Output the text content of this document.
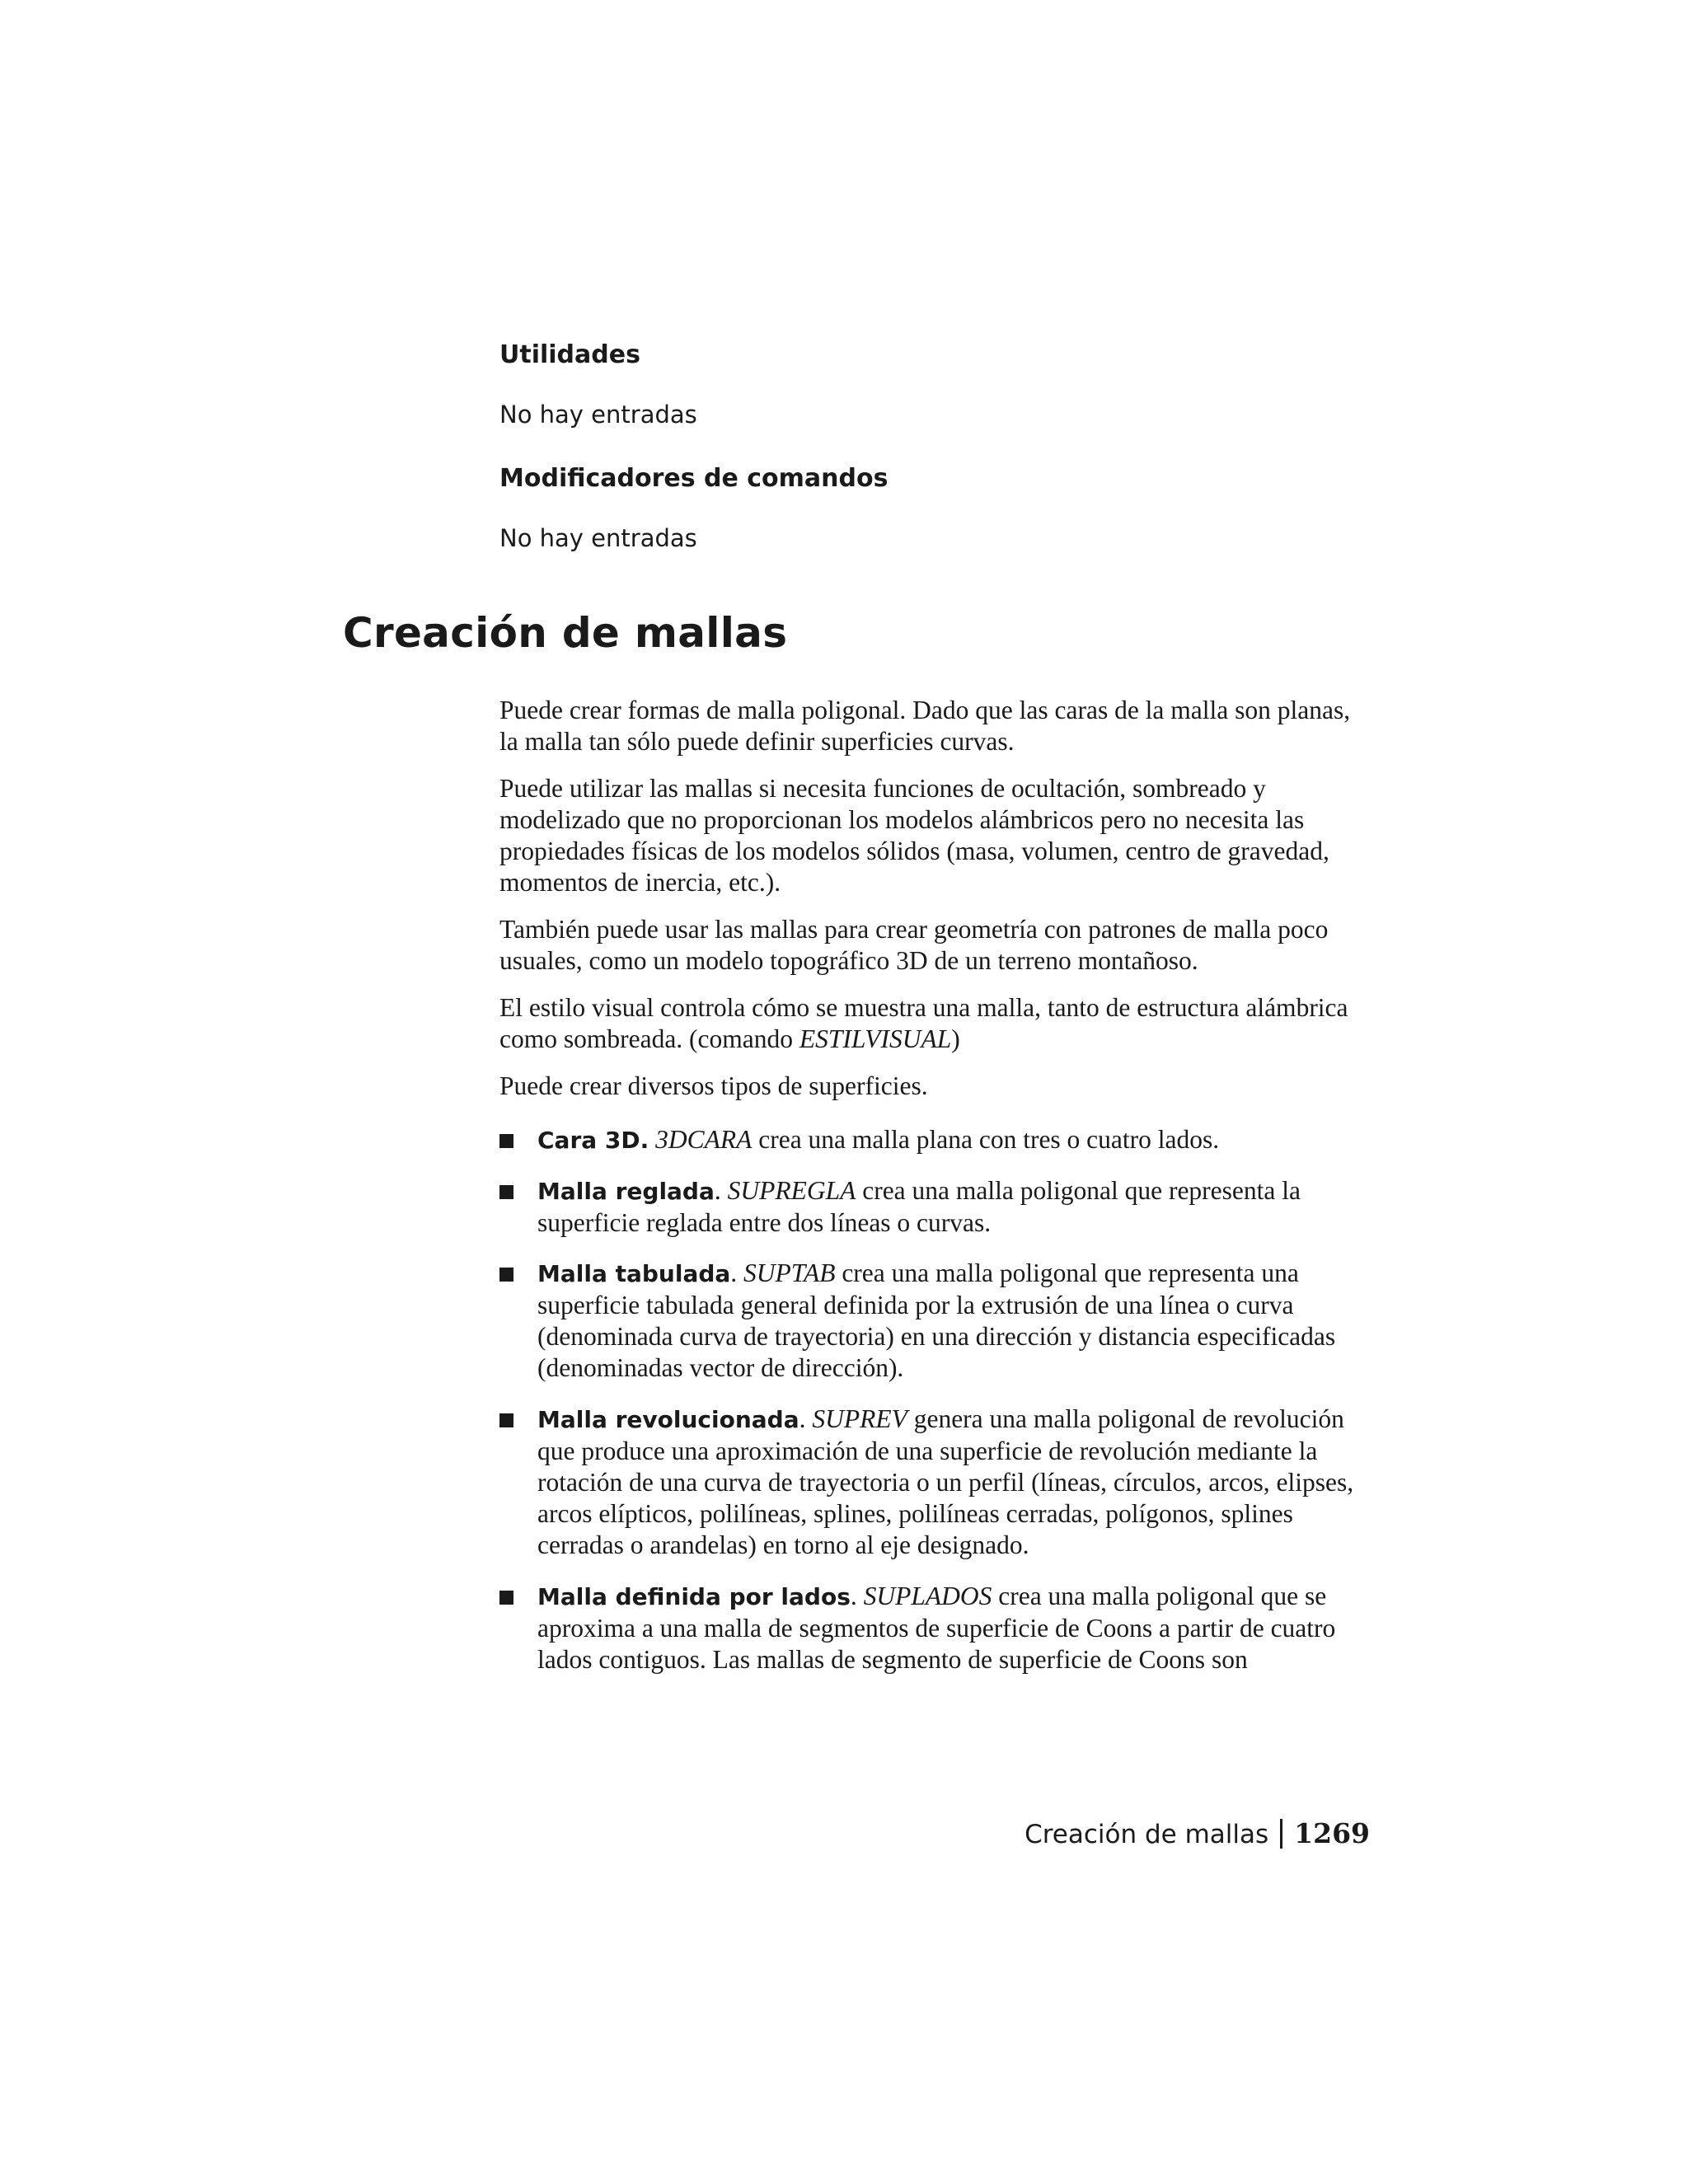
Utilidades

No hay entradas

Modificadores de comandos

No hay entradas

Creación de mallas

Puede crear formas de malla poligonal. Dado que las caras de la malla son planas, la malla tan sólo puede definir superficies curvas.

Puede utilizar las mallas si necesita funciones de ocultación, sombreado y modelizado que no proporcionan los modelos alámbricos pero no necesita las propiedades físicas de los modelos sólidos (masa, volumen, centro de gravedad, momentos de inercia, etc.).

También puede usar las mallas para crear geometría con patrones de malla poco usuales, como un modelo topográfico 3D de un terreno montañoso.

El estilo visual controla cómo se muestra una malla, tanto de estructura alámbrica como sombreada. (comando ESTILVISUAL)

Puede crear diversos tipos de superficies.

Cara 3D. 3DCARA crea una malla plana con tres o cuatro lados.
Malla reglada. SUPREGLA crea una malla poligonal que representa la superficie reglada entre dos líneas o curvas.
Malla tabulada. SUPTAB crea una malla poligonal que representa una superficie tabulada general definida por la extrusión de una línea o curva (denominada curva de trayectoria) en una dirección y distancia especificadas (denominadas vector de dirección).
Malla revolucionada. SUPREV genera una malla poligonal de revolución que produce una aproximación de una superficie de revolución mediante la rotación de una curva de trayectoria o un perfil (líneas, círculos, arcos, elipses, arcos elípticos, polilíneas, splines, polilíneas cerradas, polígonos, splines cerradas o arandelas) en torno al eje designado.
Malla definida por lados. SUPLADOS crea una malla poligonal que se aproxima a una malla de segmentos de superficie de Coons a partir de cuatro lados contiguos. Las mallas de segmento de superficie de Coons son
Creación de mallas 1269
